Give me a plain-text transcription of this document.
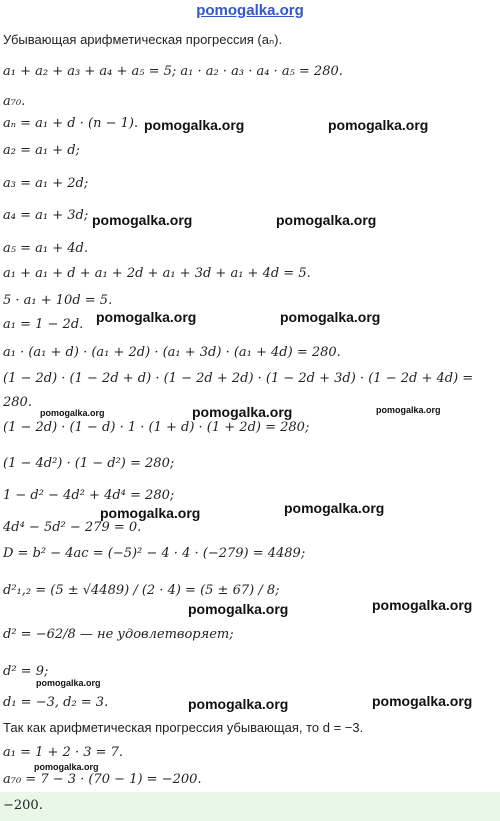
pomogalka.org
Убывающая арифметическая прогрессия (aₙ).
a₁ + a₂ + a₃ + a₄ + a₅ = 5; a₁ · a₂ · a₃ · a₄ · a₅ = 280.
a₇₀.
aₙ = a₁ + d · (n − 1).
a₂ = a₁ + d;
a₃ = a₁ + 2d;
a₄ = a₁ + 3d;
a₅ = a₁ + 4d.
a₁ + a₁ + d + a₁ + 2d + a₁ + 3d + a₁ + 4d = 5.
5 · a₁ + 10d = 5.
a₁ = 1 − 2d.
a₁ · (a₁ + d) · (a₁ + 2d) · (a₁ + 3d) · (a₁ + 4d) = 280.
(1 − 2d) · (1 − 2d + d) · (1 − 2d + 2d) · (1 − 2d + 3d) · (1 − 2d + 4d) =
280.
(1 − 2d) · (1 − d) · 1 · (1 + d) · (1 + 2d) = 280;
(1 − 4d²) · (1 − d²) = 280;
1 − d² − 4d² + 4d⁴ = 280;
4d⁴ − 5d² − 279 = 0.
D = b² − 4ac = (−5)² − 4 · 4 · (−279) = 4489;
d²₁,₂ = (5 ± √4489) / (2 · 4) = (5 ± 67) / 8;
d² = −62/8 — не удовлетворяет;
d² = 9;
d₁ = −3, d₂ = 3.
Так как арифметическая прогрессия убывающая, то d = −3.
a₁ = 1 + 2 · 3 = 7.
a₇₀ = 7 − 3 · (70 − 1) = −200.
−200.
pomogalka.org	pomogalka.org
pomogalka.org	pomogalka.org
pomogalka.org	pomogalka.org
pomogalka.org	pomogalka.org	pomogalka.org
pomogalka.org	pomogalka.org
pomogalka.org	pomogalka.org
pomogalka.org
pomogalka.org	pomogalka.org
pomogalka.org
